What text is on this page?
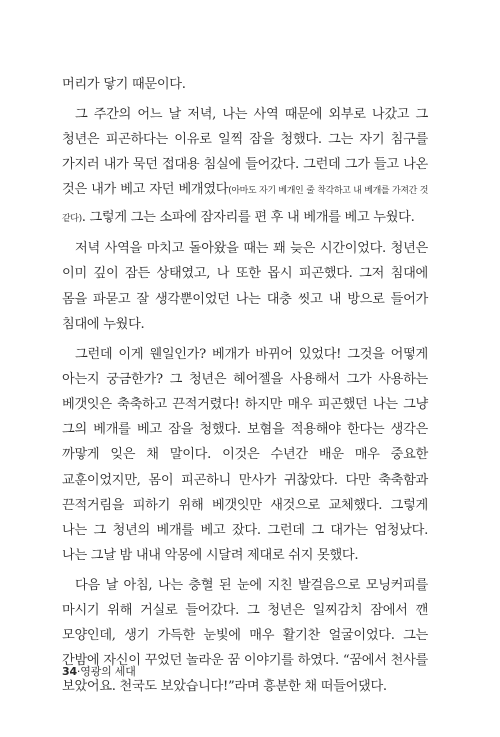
머리가 닿기 때문이다.

그 주간의 어느 날 저녁, 나는 사역 때문에 외부로 나갔고 그 청년은 피곤하다는 이유로 일찍 잠을 청했다. 그는 자기 침구를 가지러 내가 묵던 접대용 침실에 들어갔다. 그런데 그가 들고 나온 것은 내가 베고 자던 베개였다(아마도 자기 베개인 줄 착각하고 내 베개를 가져간 것 같다). 그렇게 그는 소파에 잠자리를 편 후 내 베개를 베고 누웠다.

저녁 사역을 마치고 돌아왔을 때는 꽤 늦은 시간이었다. 청년은 이미 깊이 잠든 상태였고, 나 또한 몹시 피곤했다. 그저 침대에 몸을 파묻고 잘 생각뿐이었던 나는 대충 씻고 내 방으로 들어가 침대에 누웠다.

그런데 이게 웬일인가? 베개가 바뀌어 있었다! 그것을 어떻게 아는지 궁금한가? 그 청년은 헤어젤을 사용해서 그가 사용하는 베갯잇은 축축하고 끈적거렸다! 하지만 매우 피곤했던 나는 그냥 그의 베개를 베고 잠을 청했다. 보혐을 적용해야 한다는 생각은 까맣게 잊은 채 말이다. 이것은 수년간 배운 매우 중요한 교훈이었지만, 몸이 피곤하니 만사가 귀찮았다. 다만 축축함과 끈적거림을 피하기 위해 베갯잇만 새것으로 교체했다. 그렇게 나는 그 청년의 베개를 베고 잤다. 그런데 그 대가는 엄청났다. 나는 그날 밤 내내 악몽에 시달려 제대로 쉬지 못했다.

다음 날 아침, 나는 충혈 된 눈에 지친 발걸음으로 모닝커피를 마시기 위해 거실로 들어갔다. 그 청년은 일찌감치 잠에서 깬 모양인데, 생기 가득한 눈빛에 매우 활기찬 얼굴이었다. 그는 간밤에 자신이 꾸었던 놀라운 꿈 이야기를 하였다. “꿈에서 천사를 보았어요. 천국도 보았습니다!”라며 흥분한 채 떠들어댔다.

34·영광의 세대
